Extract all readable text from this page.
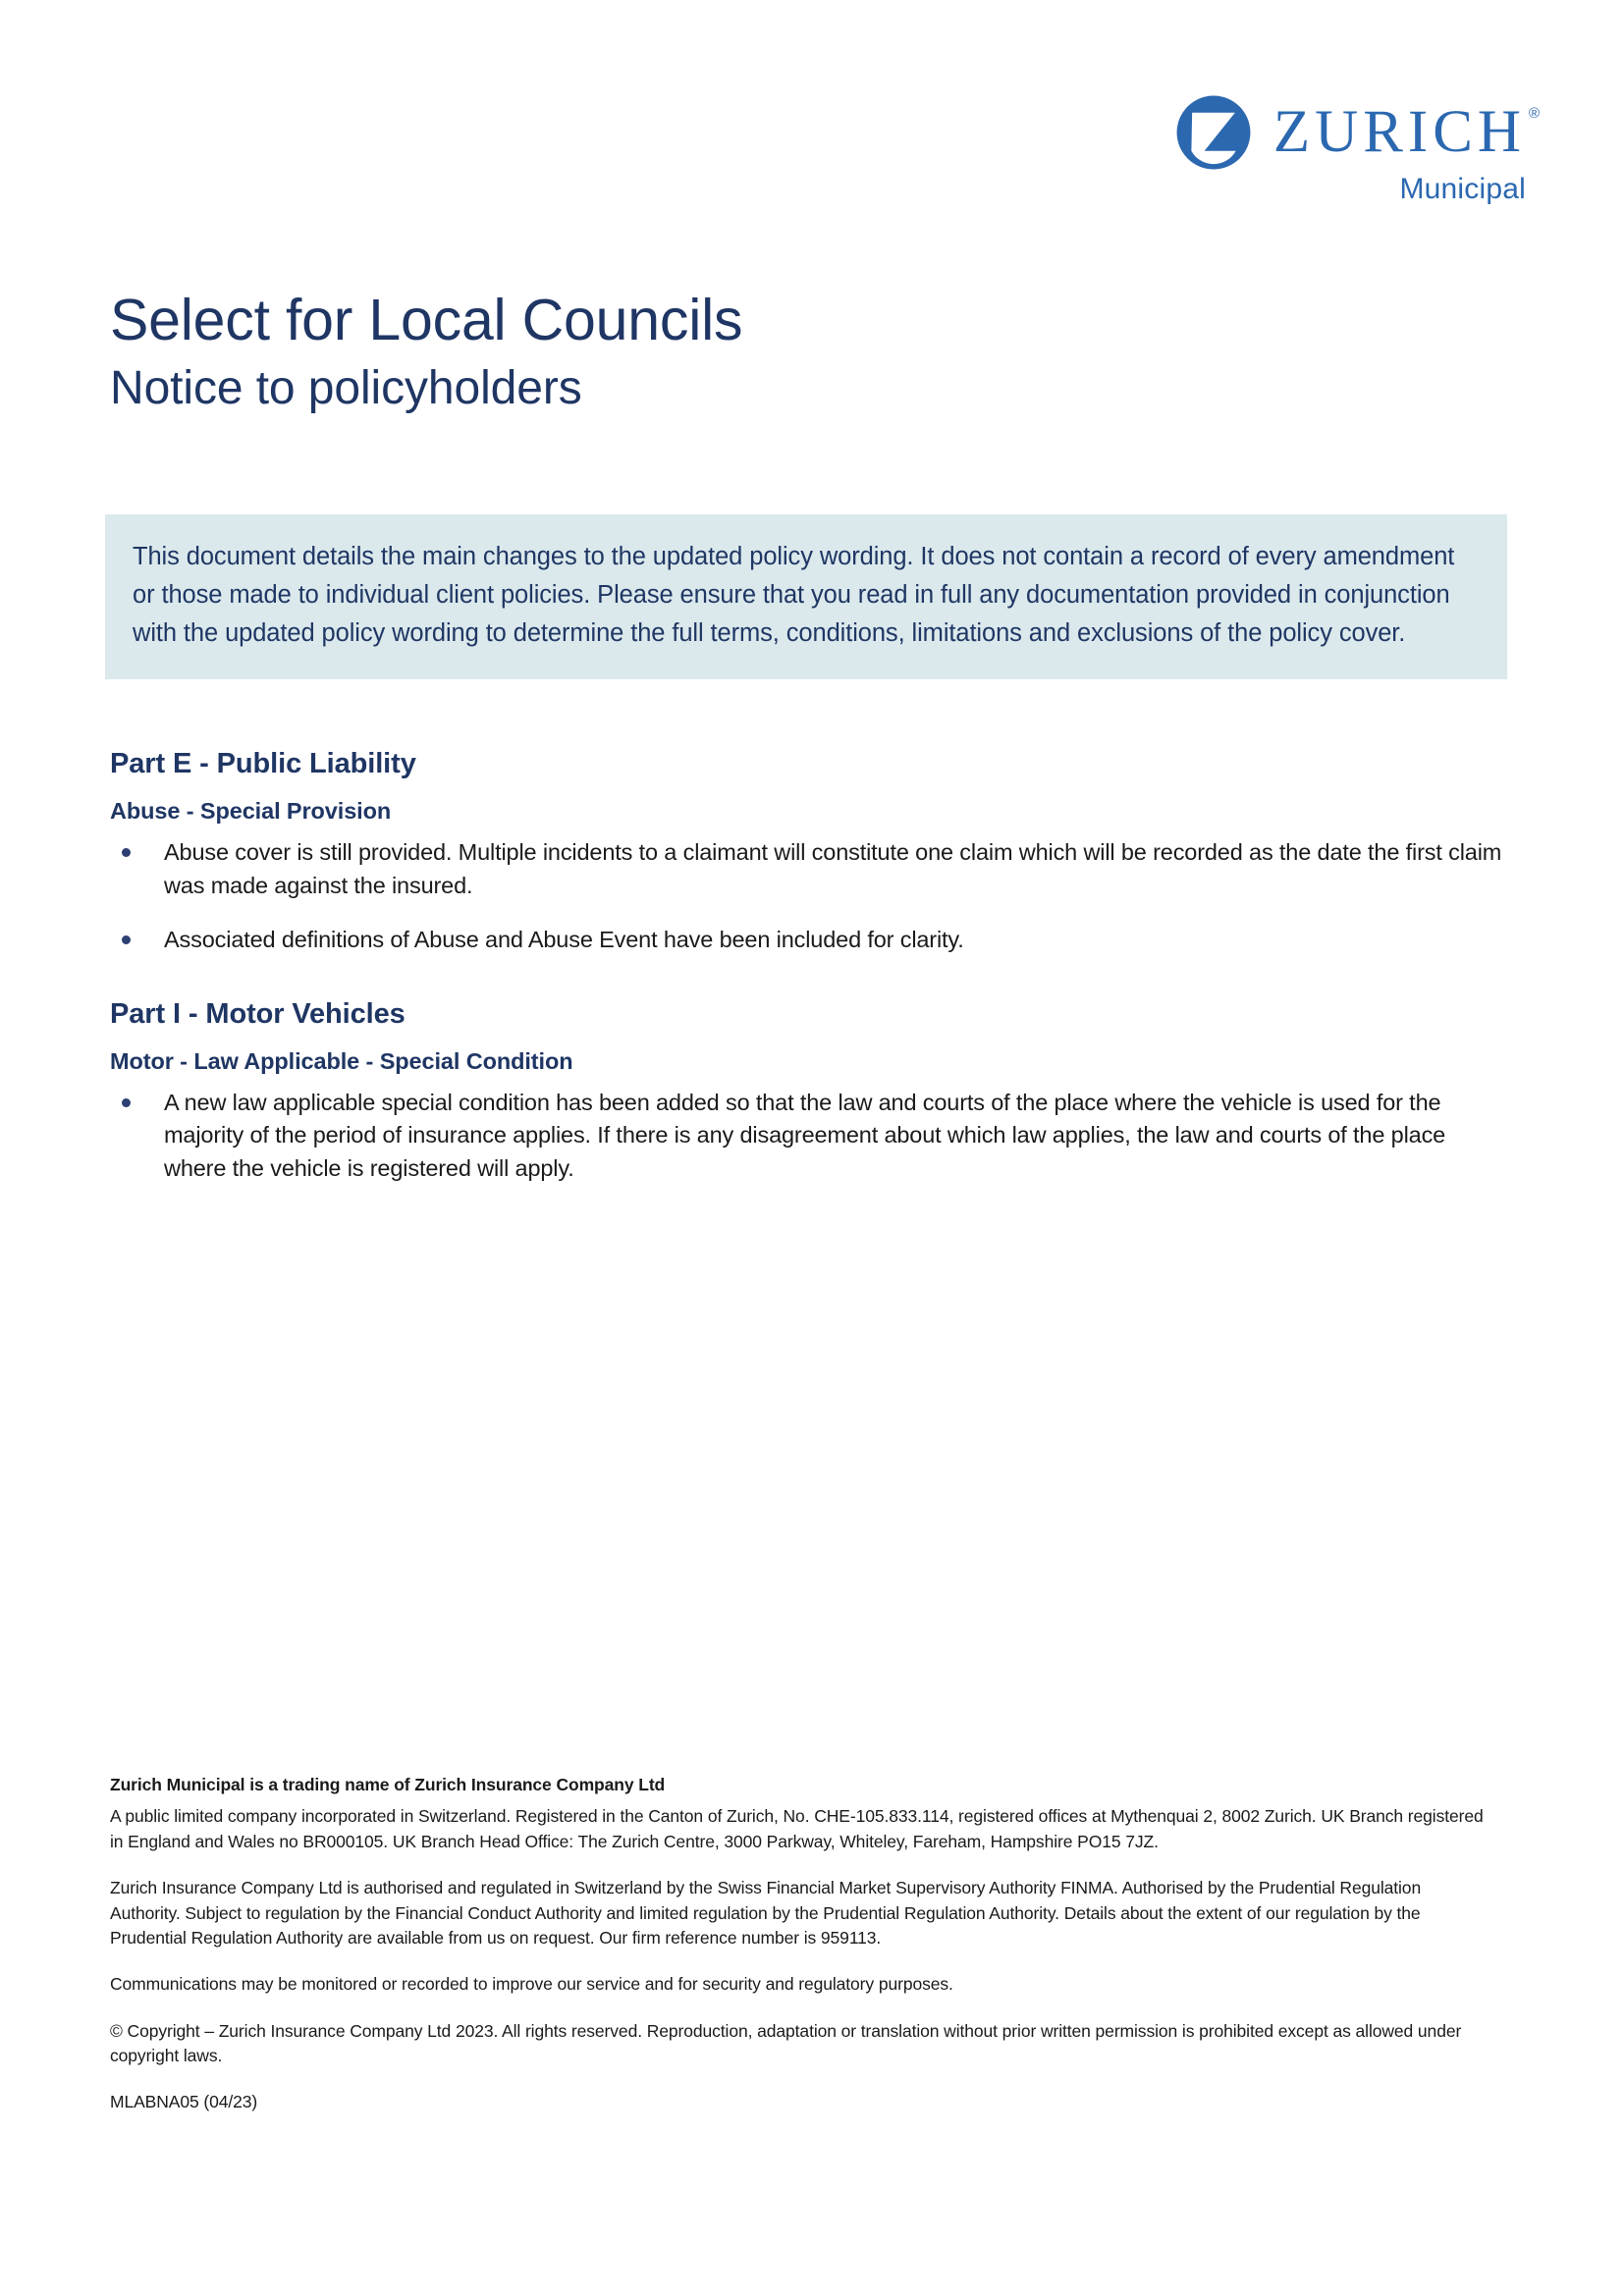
ZURICH ®
Municipal
Select for Local Councils
Notice to policyholders

This document details the main changes to the updated policy wording. It does not contain a record of every amendment or those made to individual client policies. Please ensure that you read in full any documentation provided in conjunction with the updated policy wording to determine the full terms, conditions, limitations and exclusions of the policy cover.

Part E - Public Liability
Abuse - Special Provision
Abuse cover is still provided. Multiple incidents to a claimant will constitute one claim which will be recorded as the date the first claim was made against the insured.
Associated definitions of Abuse and Abuse Event have been included for clarity.
Part I - Motor Vehicles
Motor - Law Applicable - Special Condition
A new law applicable special condition has been added so that the law and courts of the place where the vehicle is used for the majority of the period of insurance applies. If there is any disagreement about which law applies, the law and courts of the place where the vehicle is registered will apply.

Zurich Municipal is a trading name of Zurich Insurance Company Ltd

A public limited company incorporated in Switzerland. Registered in the Canton of Zurich, No. CHE-105.833.114, registered offices at Mythenquai 2, 8002 Zurich. UK Branch registered in England and Wales no BR000105. UK Branch Head Office: The Zurich Centre, 3000 Parkway, Whiteley, Fareham, Hampshire PO15 7JZ.

Zurich Insurance Company Ltd is authorised and regulated in Switzerland by the Swiss Financial Market Supervisory Authority FINMA. Authorised by the Prudential Regulation Authority. Subject to regulation by the Financial Conduct Authority and limited regulation by the Prudential Regulation Authority. Details about the extent of our regulation by the Prudential Regulation Authority are available from us on request. Our firm reference number is 959113.

Communications may be monitored or recorded to improve our service and for security and regulatory purposes.

© Copyright – Zurich Insurance Company Ltd 2023. All rights reserved. Reproduction, adaptation or translation without prior written permission is prohibited except as allowed under copyright laws.

MLABNA05 (04/23)
